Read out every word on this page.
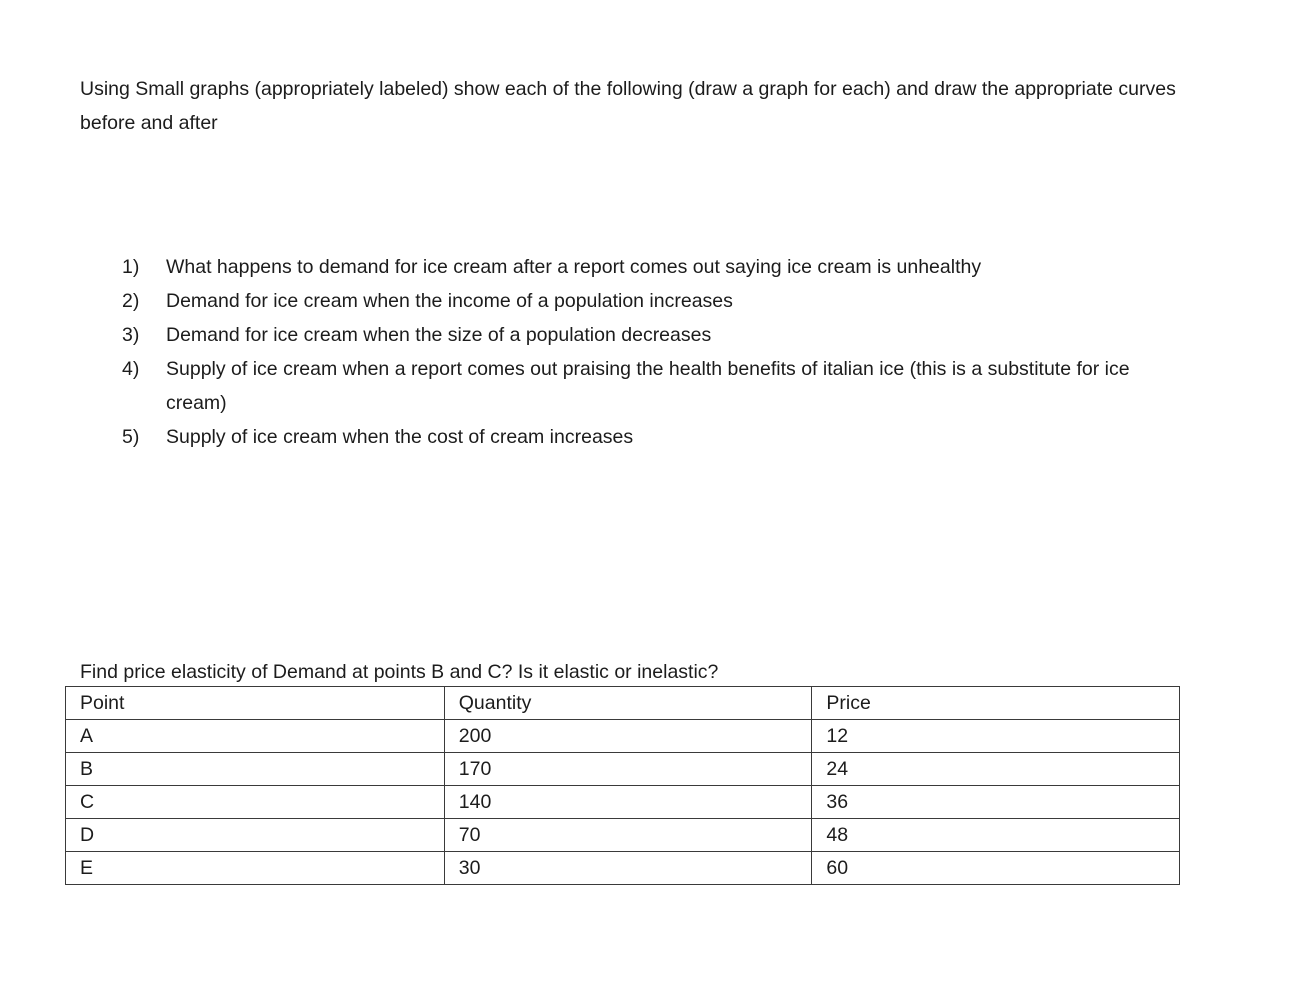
Using Small graphs (appropriately labeled) show each of the following (draw a graph for each) and draw the appropriate curves before and after

1)	What happens to demand for ice cream after a report comes out saying ice cream is unhealthy
2)	Demand for ice cream when the income of a population increases
3)	Demand for ice cream when the size of a population decreases
4)	Supply of ice cream when a report comes out praising the health benefits of italian ice (this is a substitute for ice cream)
5)	Supply of ice cream when the cost of cream increases

Find price elasticity of Demand at points B and C? Is it elastic or inelastic?

Point	Quantity	Price
A	200	12
B	170	24
C	140	36
D	70	48
E	30	60
